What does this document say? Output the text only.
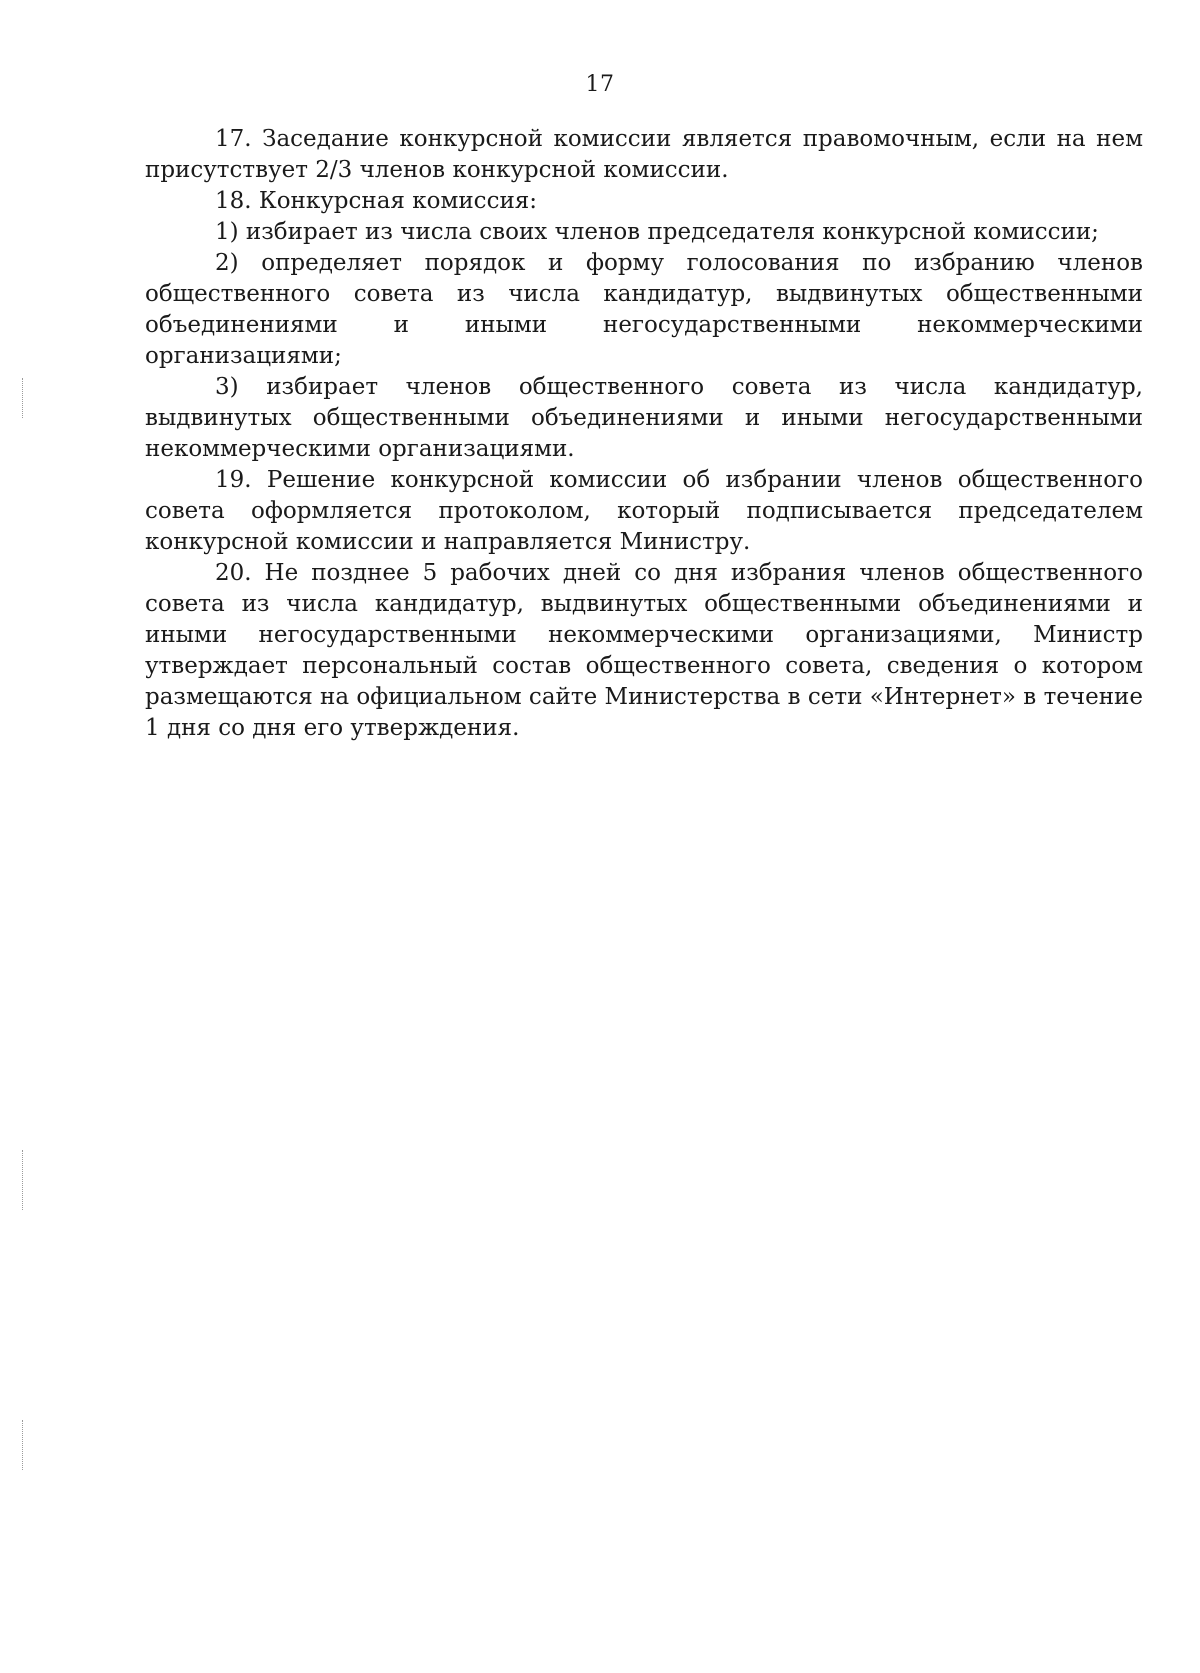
17

17. Заседание конкурсной комиссии является правомочным, если на нем присутствует 2/3 членов конкурсной комиссии.

18. Конкурсная комиссия:

1) избирает из числа своих членов председателя конкурсной комиссии;

2) определяет порядок и форму голосования по избранию членов общественного совета из числа кандидатур, выдвинутых общественными объединениями и иными негосударственными некоммерческими организациями;

3) избирает членов общественного совета из числа кандидатур, выдвинутых общественными объединениями и иными негосударственными некоммерческими организациями.

19. Решение конкурсной комиссии об избрании членов общественного совета оформляется протоколом, который подписывается председателем конкурсной комиссии и направляется Министру.

20. Не позднее 5 рабочих дней со дня избрания членов общественного совета из числа кандидатур, выдвинутых общественными объединениями и иными негосударственными некоммерческими организациями, Министр утверждает персональный состав общественного совета, сведения о котором размещаются на официальном сайте Министерства в сети «Интернет» в течение 1 дня со дня его утверждения.
